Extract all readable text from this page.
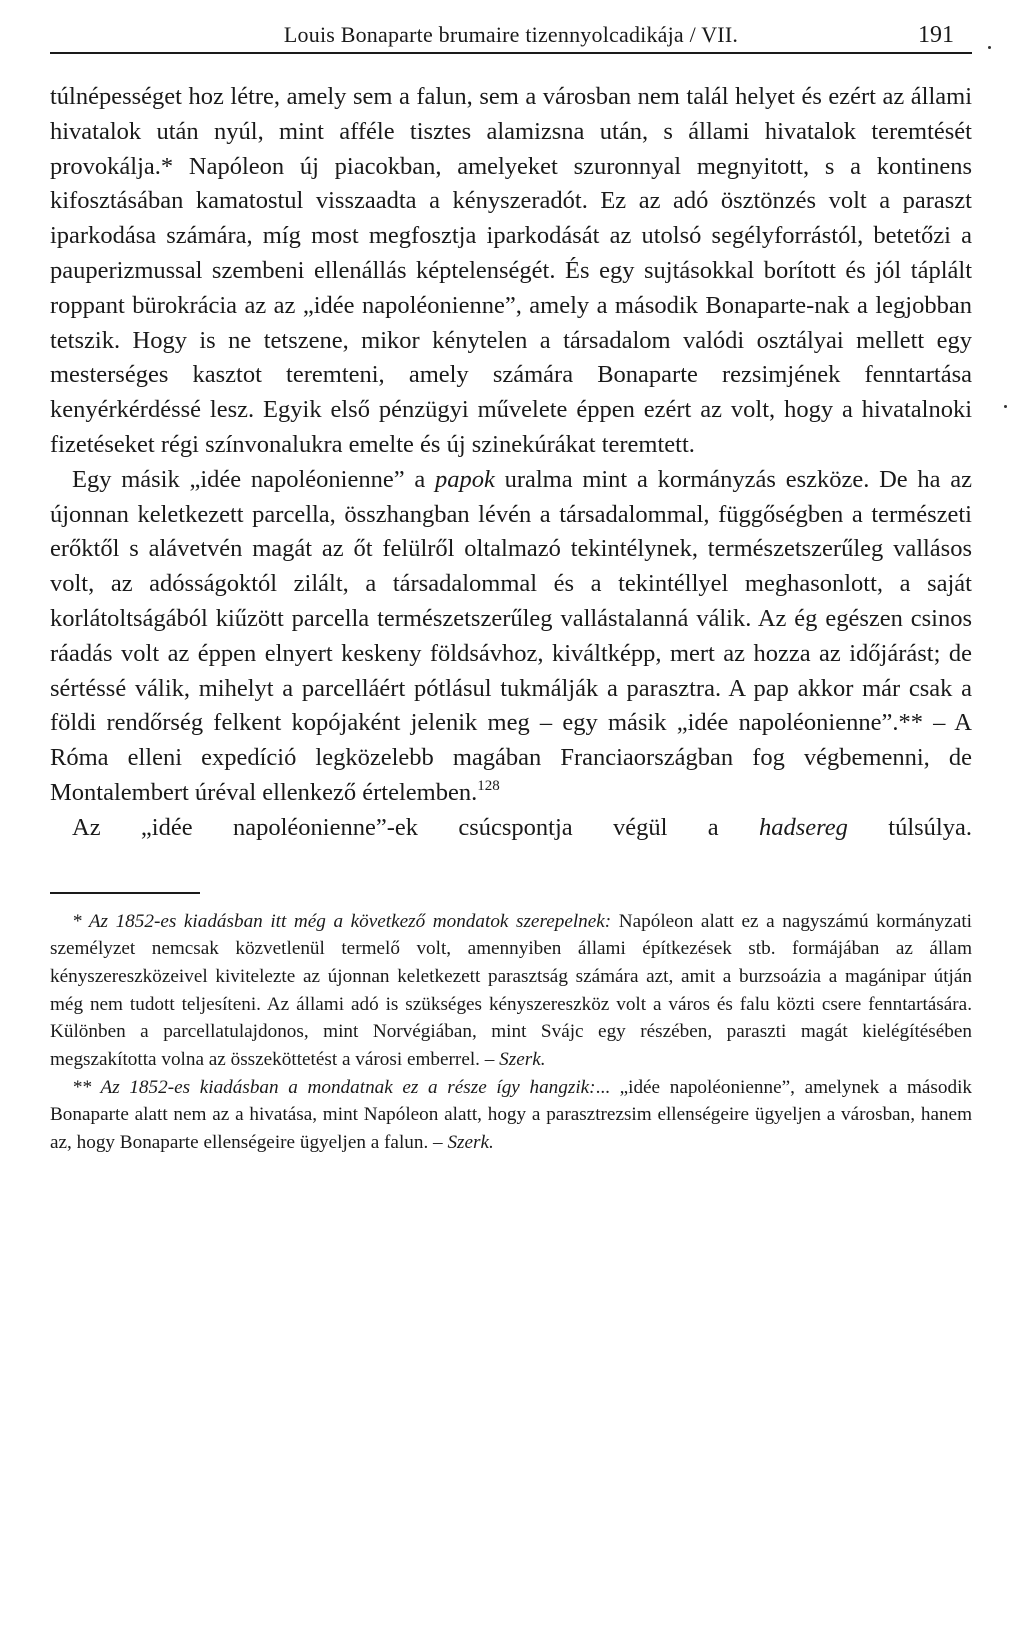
Louis Bonaparte brumaire tizennyolcadikája / VII.	191

túlnépességet hoz létre, amely sem a falun, sem a városban nem talál helyet és ezért az állami hivatalok után nyúl, mint afféle tisztes alamizsna után, s állami hivatalok teremtését provokálja.* Napóleon új piacokban, amelyeket szuronnyal megnyitott, s a kontinens kifosztásában kamatostul visszaadta a kényszeradót. Ez az adó ösztönzés volt a paraszt iparkodása számára, míg most megfosztja iparkodását az utolsó segélyforrástól, betetőzi a pauperizmussal szembeni ellenállás képtelenségét. És egy sujtásokkal borított és jól táplált roppant bürokrácia az az „idée napoléonienne”, amely a második Bonaparte-nak a legjobban tetszik. Hogy is ne tetszene, mikor kénytelen a társadalom valódi osztályai mellett egy mesterséges kasztot teremteni, amely számára Bonaparte rezsimjének fenntartása kenyérkérdéssé lesz. Egyik első pénzügyi művelete éppen ezért az volt, hogy a hivatalnoki fizetéseket régi színvonalukra emelte és új szinekúrákat teremtett.

Egy másik „idée napoléonienne” a papok uralma mint a kormányzás eszköze. De ha az újonnan keletkezett parcella, összhangban lévén a társadalommal, függőségben a természeti erőktől s alávetvén magát az őt felülről oltalmazó tekintélynek, természetszerűleg vallásos volt, az adósságoktól zilált, a társadalommal és a tekintéllyel meghasonlott, a saját korlátoltságából kiűzött parcella természetszerűleg vallástalanná válik. Az ég egészen csinos ráadás volt az éppen elnyert keskeny földsávhoz, kiváltképp, mert az hozza az időjárást; de sértéssé válik, mihelyt a parcelláért pótlásul tukmálják a parasztra. A pap akkor már csak a földi rendőrség felkent kopójaként jelenik meg – egy másik „idée napoléonienne”.** – A Róma elleni expedíció legközelebb magában Franciaországban fog végbemenni, de Montalembert úréval ellenkező értelemben.$^{128}$

Az „idée napoléonienne”-ek csúcspontja végül a hadsereg túlsúlya.

* Az 1852-es kiadásban itt még a következő mondatok szerepelnek: Napóleon alatt ez a nagyszámú kormányzati személyzet nemcsak közvetlenül termelő volt, amennyiben állami építkezések stb. formájában az állam kényszereszközeivel kivitelezte az újonnan keletkezett parasztság számára azt, amit a burzsoázia a magánipar útján még nem tudott teljesíteni. Az állami adó is szükséges kényszereszköz volt a város és falu közti csere fenntartására. Különben a parcellatulajdonos, mint Norvégiában, mint Svájc egy részében, paraszti magát kielégítésében megszakította volna az összeköttetést a városi emberrel. – Szerk.

** Az 1852-es kiadásban a mondatnak ez a része így hangzik:... „idée napoléonienne”, amelynek a második Bonaparte alatt nem az a hivatása, mint Napóleon alatt, hogy a parasztrezsim ellenségeire ügyeljen a városban, hanem az, hogy Bonaparte ellenségeire ügyeljen a falun. – Szerk.
